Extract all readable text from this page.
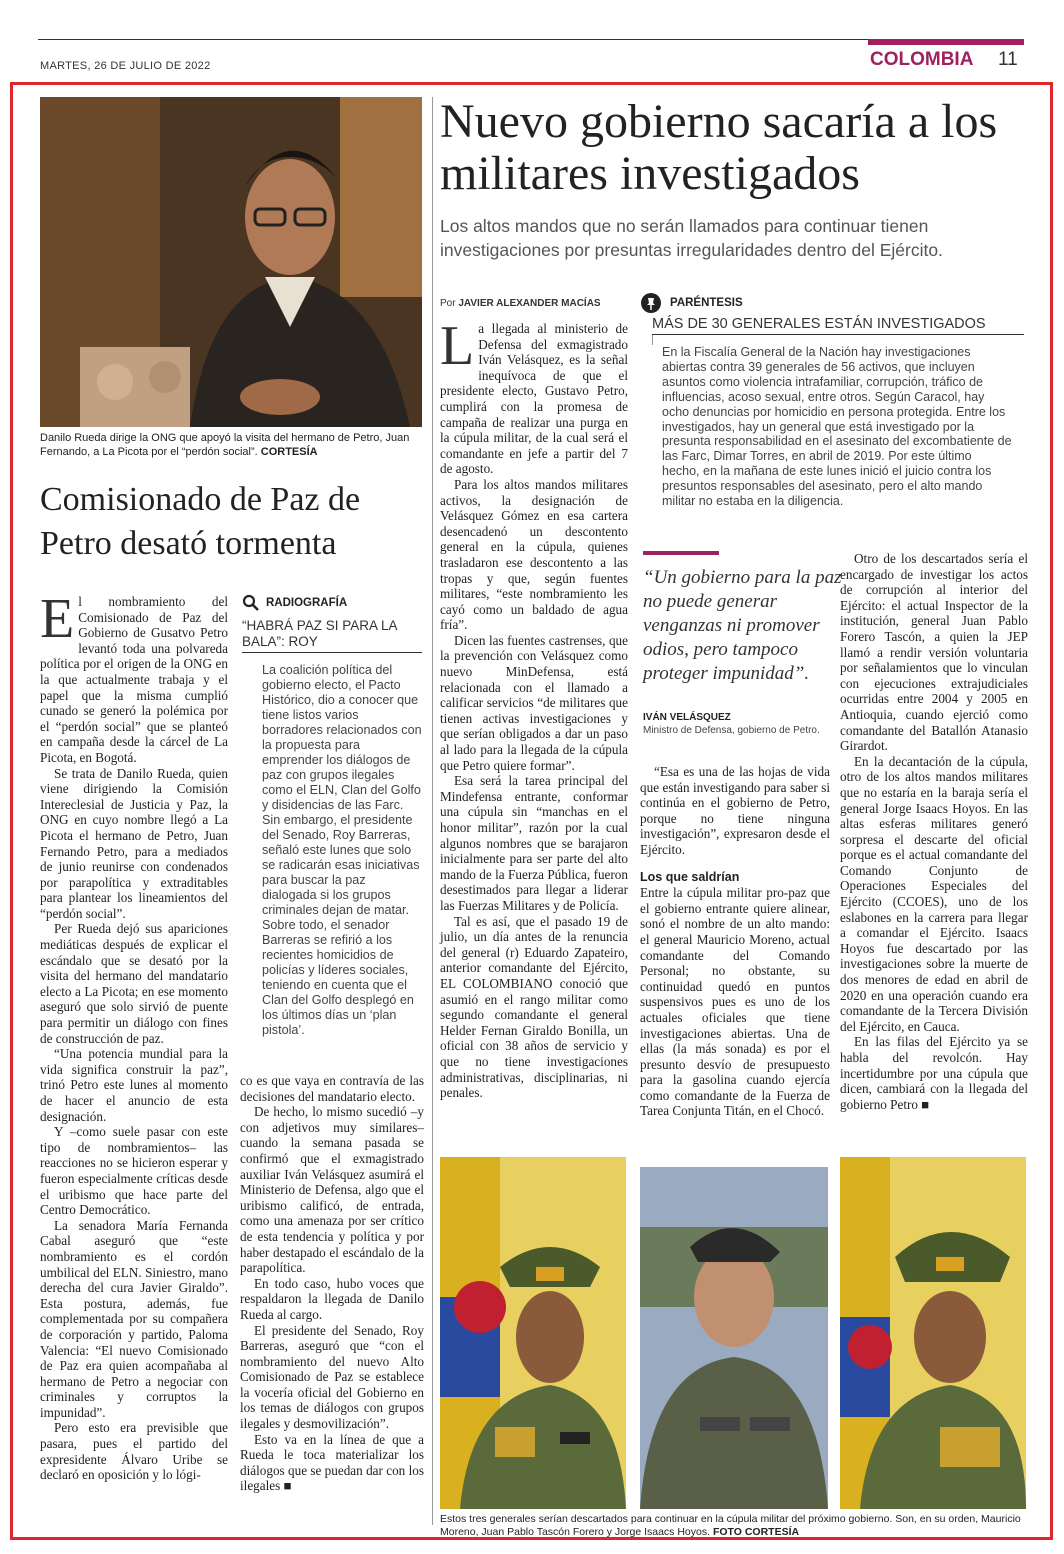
MARTES, 26 DE JULIO DE 2022	COLOMBIA 11
Danilo Rueda dirige la ONG que apoyó la visita del hermano de Petro, Juan Fernando, a La Picota por el “perdón social”. CORTESÍA
Comisionado de Paz de Petro desató tormenta
E l nombramiento del Comisionado de Paz del Gobierno de Gusatvo Petro levantó toda una polvareda política por el origen de la ONG en la que actualmente trabaja y el papel que la misma cumplió cunado se generó la polémica por el “perdón social” que se planteó en campaña desde la cárcel de La Picota, en Bogotá.

Se trata de Danilo Rueda, quien viene dirigiendo la Comisión Intereclesial de Justicia y Paz, la ONG en cuyo nombre llegó a La Picota el hermano de Petro, Juan Fernando Petro, para a mediados de junio reunirse con condenados por parapolítica y extraditables para plantear los lineamientos del “perdón social”.

Per Rueda dejó sus apariciones mediáticas después de explicar el escándalo que se desató por la visita del hermano del mandatario electo a La Picota; en ese momento aseguró que solo sirvió de puente para permitir un diálogo con fines de construcción de paz.

“Una potencia mundial para la vida significa construir la paz”, trinó Petro este lunes al momento de hacer el anuncio de esta designación.

Y –como suele pasar con este tipo de nombramientos– las reacciones no se hicieron esperar y fueron especialmente críticas desde el uribismo que hace parte del Centro Democrático.

La senadora María Fernanda Cabal aseguró que “este nombramiento es el cordón umbilical del ELN. Siniestro, mano derecha del cura Javier Giraldo”. Esta postura, además, fue complementada por su compañera de corporación y partido, Paloma Valencia: “El nuevo Comisionado de Paz era quien acompañaba al hermano de Petro a negociar con criminales y corruptos la impunidad”.

Pero esto era previsible que pasara, pues el partido del expresidente Álvaro Uribe se declaró en oposición y lo lógi-

RADIOGRAFÍA
“HABRÁ PAZ SI PARA LA BALA”: ROY
La coalición política del gobierno electo, el Pacto Histórico, dio a conocer que tiene listos varios borradores relacionados con la propuesta para emprender los diálogos de paz con grupos ilegales como el ELN, Clan del Golfo y disidencias de las Farc. Sin embargo, el presidente del Senado, Roy Barreras, señaló este lunes que solo se radicarán esas iniciativas para buscar la paz dialogada si los grupos criminales dejan de matar. Sobre todo, el senador Barreras se refirió a los recientes homicidios de policías y líderes sociales, teniendo en cuenta que el Clan del Golfo desplegó en los últimos días un ‘plan pistola’.

co es que vaya en contravía de las decisiones del mandatario electo.

De hecho, lo mismo sucedió –y con adjetivos muy similares– cuando la semana pasada se confirmó que el exmagistrado auxiliar Iván Velásquez asumirá el Ministerio de Defensa, algo que el uribismo calificó, de entrada, como una amenaza por ser crítico de esta tendencia y política y por haber destapado el escándalo de la parapolítica.

En todo caso, hubo voces que respaldaron la llegada de Danilo Rueda al cargo.

El presidente del Senado, Roy Barreras, aseguró que “con el nombramiento del nuevo Alto Comisionado de Paz se establece la vocería oficial del Gobierno en los temas de diálogos con grupos ilegales y desmovilización”.

Esto va en la línea de que a Rueda le toca materializar los diálogos que se puedan dar con los ilegales ■

Nuevo gobierno sacaría a los militares investigados
Los altos mandos que no serán llamados para continuar tienen investigaciones por presuntas irregularidades dentro del Ejército.
Por JAVIER ALEXANDER MACÍAS
L a llegada al ministerio de Defensa del exmagistrado Iván Velásquez, es la señal inequívoca de que el presidente electo, Gustavo Petro, cumplirá con la promesa de campaña de realizar una purga en la cúpula militar, de la cual será el comandante en jefe a partir del 7 de agosto.

Para los altos mandos militares activos, la designación de Velásquez Gómez en esa cartera desencadenó un descontento general en la cúpula, quienes trasladaron ese descontento a las tropas y que, según fuentes militares, “este nombramiento les cayó como un baldado de agua fría”.

Dicen las fuentes castrenses, que la prevención con Velásquez como nuevo MinDefensa, está relacionada con el llamado a calificar servicios “de militares que tienen activas investigaciones y que serían obligados a dar un paso al lado para la llegada de la cúpula que Petro quiere formar”.

Esa será la tarea principal del Mindefensa entrante, conformar una cúpula sin “manchas en el honor militar”, razón por la cual algunos nombres que se barajaron inicialmente para ser parte del alto mando de la Fuerza Pública, fueron desestimados para llegar a liderar las Fuerzas Militares y de Policía.

Tal es así, que el pasado 19 de julio, un día antes de la renuncia del general (r) Eduardo Zapateiro, anterior comandante del Ejército, EL COLOMBIANO conoció que asumió en el rango militar como segundo comandante el general Helder Fernan Giraldo Bonilla, un oficial con 38 años de servicio y que no tiene investigaciones administrativas, disciplinarias, ni penales.

PARÉNTESIS
MÁS DE 30 GENERALES ESTÁN INVESTIGADOS
En la Fiscalía General de la Nación hay investigaciones abiertas contra 39 generales de 56 activos, que incluyen asuntos como violencia intrafamiliar, corrupción, tráfico de influencias, acoso sexual, entre otros. Según Caracol, hay ocho denuncias por homicidio en persona protegida. Entre los investigados, hay un general que está investigado por la presunta responsabilidad en el asesinato del excombatiente de las Farc, Dimar Torres, en abril de 2019. Por este último hecho, en la mañana de este lunes inició el juicio contra los presuntos responsables del asesinato, pero el alto mando militar no estaba en la diligencia.
“Un gobierno para la paz no puede generar venganzas ni promover odios, pero tampoco proteger impunidad”.
IVÁN VELÁSQUEZ
Ministro de Defensa, gobierno de Petro.

“Esa es una de las hojas de vida que están investigando para saber si continúa en el gobierno de Petro, porque no tiene ninguna investigación”, expresaron desde el Ejército.

Los que saldrían

Entre la cúpula militar pro-paz que el gobierno entrante quiere alinear, sonó el nombre de un alto mando: el general Mauricio Moreno, actual comandante del Comando Personal; no obstante, su continuidad quedó en puntos suspensivos pues es uno de los actuales oficiales que tiene investigaciones abiertas. Una de ellas (la más sonada) es por el presunto desvío de presupuesto para la gasolina cuando ejercía como comandante de la Fuerza de Tarea Conjunta Titán, en el Chocó.

Otro de los descartados sería el encargado de investigar los actos de corrupción al interior del Ejército: el actual Inspector de la institución, general Juan Pablo Forero Tascón, a quien la JEP llamó a rendir versión voluntaria por señalamientos que lo vinculan con ejecuciones extrajudiciales ocurridas entre 2004 y 2005 en Antioquia, cuando ejerció como comandante del Batallón Atanasio Girardot.

En la decantación de la cúpula, otro de los altos mandos militares que no estaría en la baraja sería el general Jorge Isaacs Hoyos. En las altas esferas militares generó sorpresa el descarte del oficial porque es el actual comandante del Comando Conjunto de Operaciones Especiales del Ejército (CCOES), uno de los eslabones en la carrera para llegar a comandar el Ejército. Isaacs Hoyos fue descartado por las investigaciones sobre la muerte de dos menores de edad en abril de 2020 en una operación cuando era comandante de la Tercera División del Ejército, en Cauca.

En las filas del Ejército ya se habla del revolcón. Hay incertidumbre por una cúpula que dicen, cambiará con la llegada del gobierno Petro ■

Estos tres generales serían descartados para continuar en la cúpula militar del próximo gobierno. Son, en su orden, Mauricio Moreno, Juan Pablo Tascón Forero y Jorge Isaacs Hoyos. FOTO CORTESÍA
